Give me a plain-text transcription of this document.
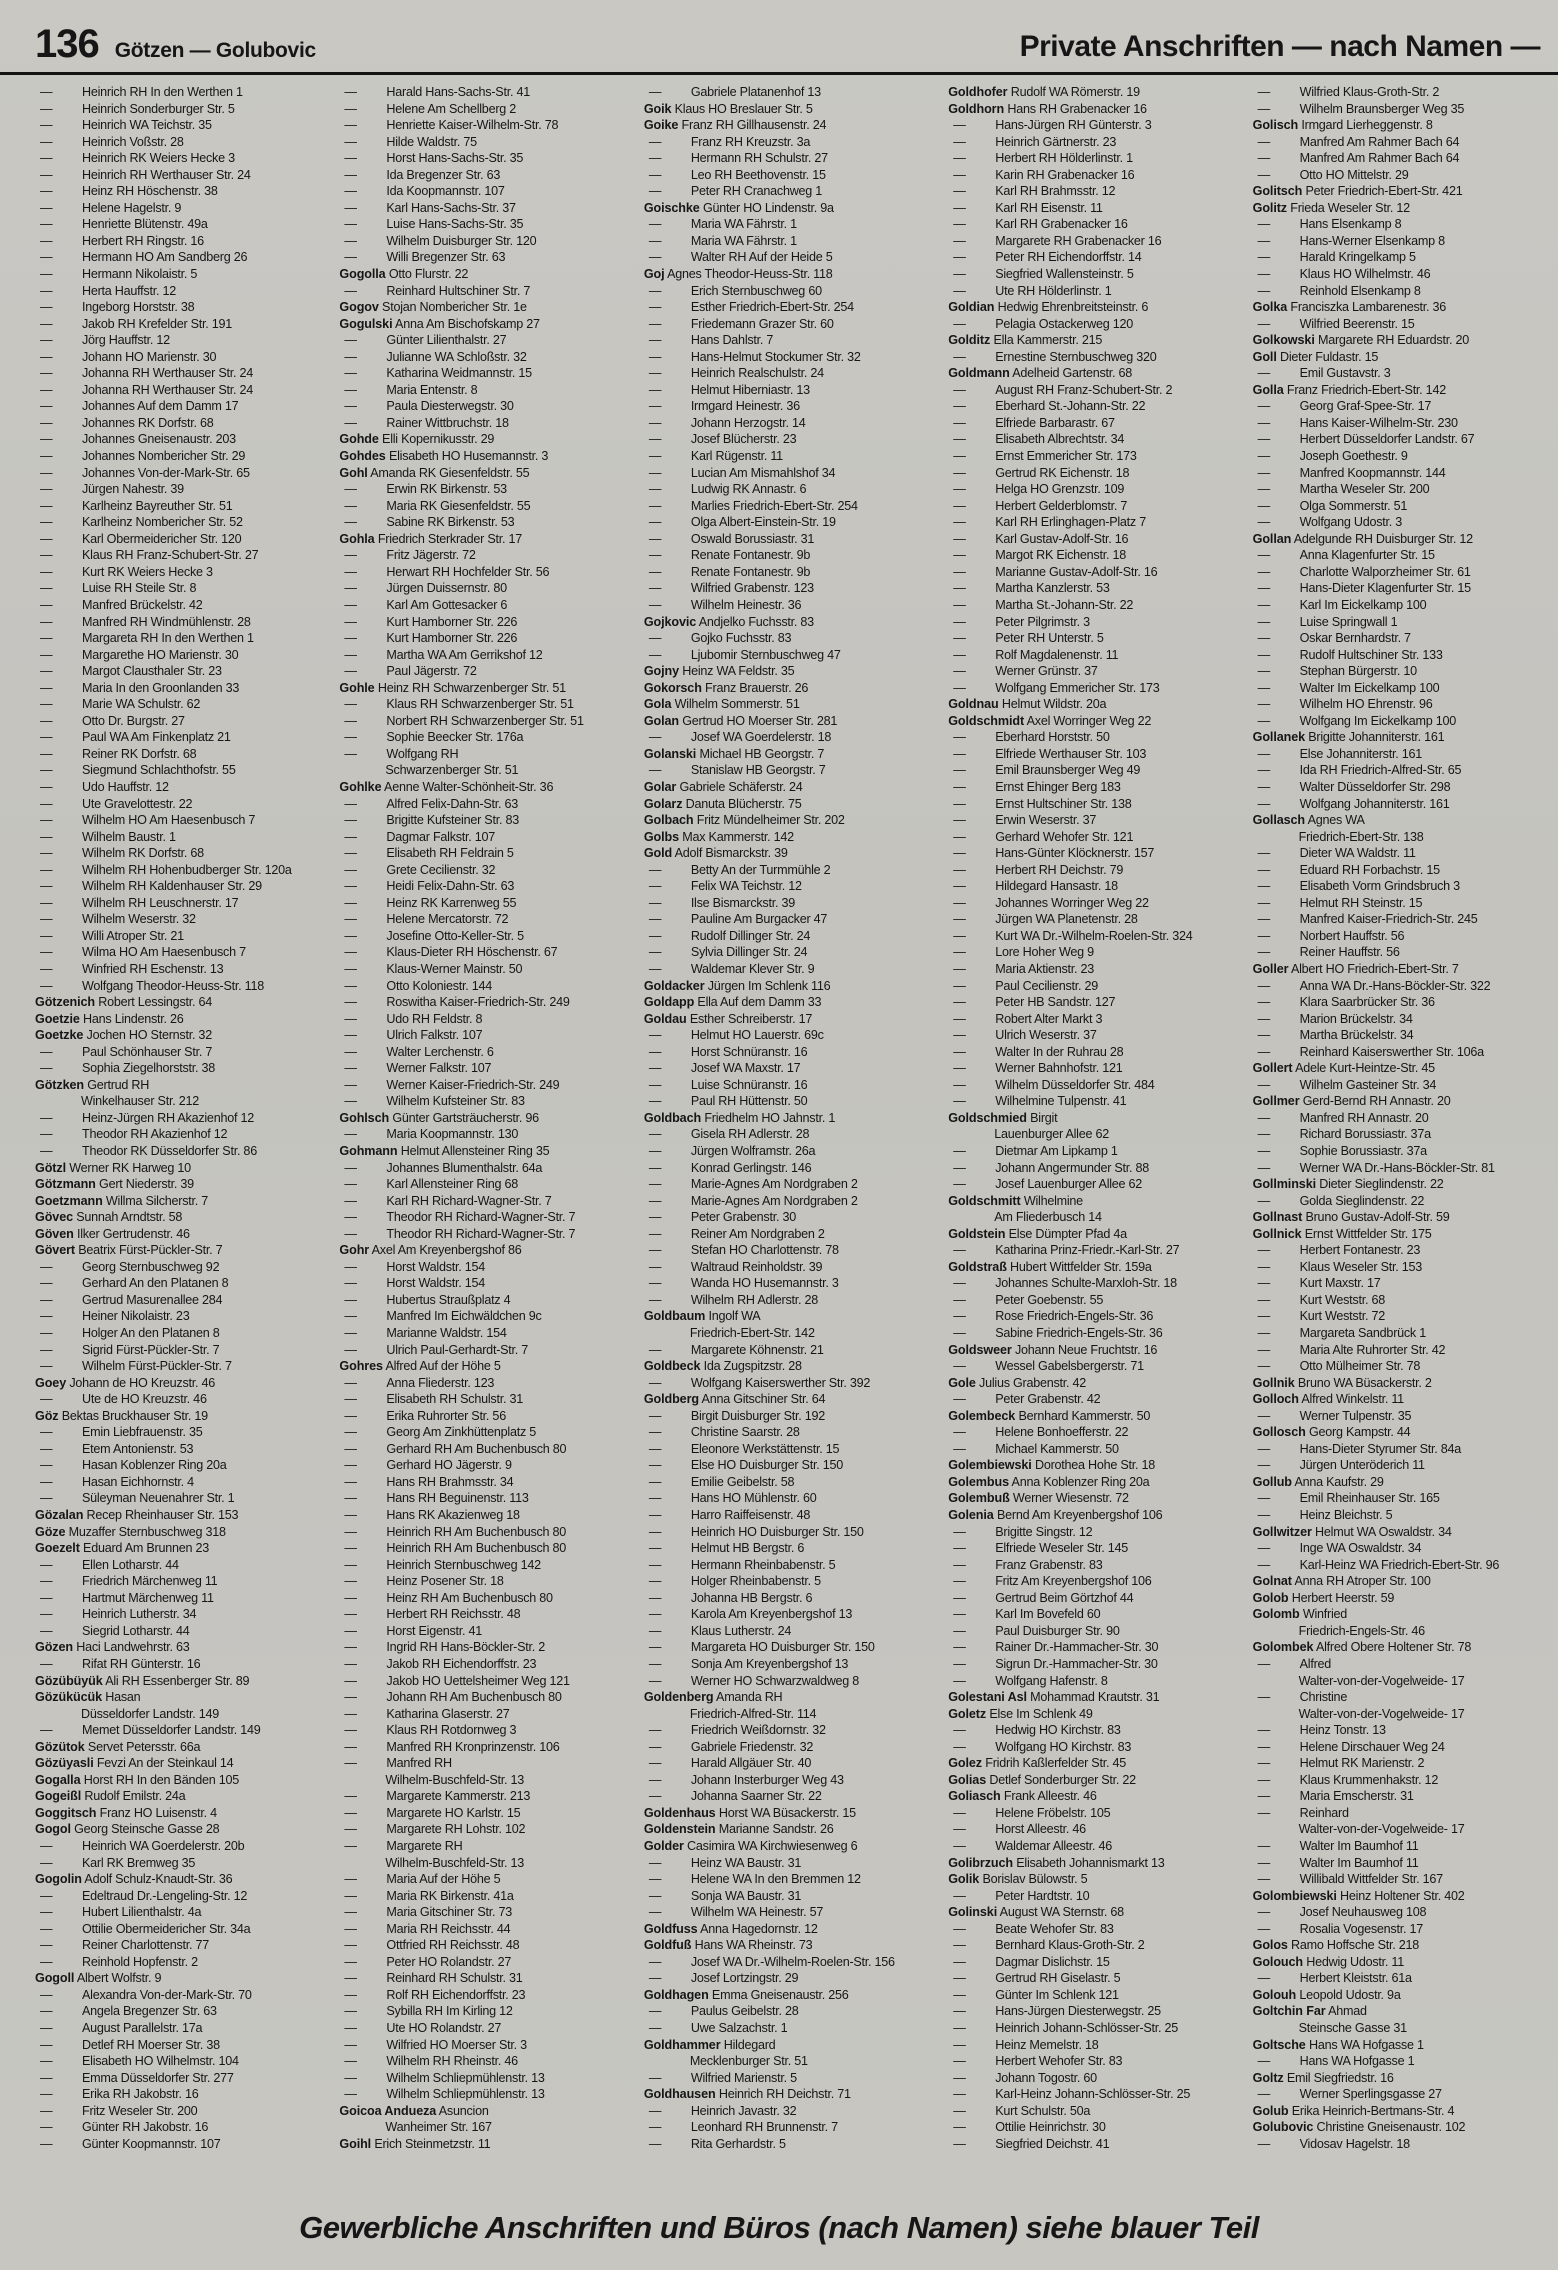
136 Götzen — Golubovic	Private Anschriften — nach Namen —
— Heinrich RH In den Werthen 1
— Heinrich Sonderburger Str. 5
— Heinrich WA Teichstr. 35
— Heinrich Voßstr. 28
— Heinrich RK Weiers Hecke 3
— Heinrich RH Werthauser Str. 24
— Heinz RH Höschenstr. 38
— Helene Hagelstr. 9
— Henriette Blütenstr. 49a
— Herbert RH Ringstr. 16
— Hermann HO Am Sandberg 26
— Hermann Nikolaistr. 5
— Herta Hauffstr. 12
— Ingeborg Horststr. 38
— Jakob RH Krefelder Str. 191
— Jörg Hauffstr. 12
— Johann HO Marienstr. 30
— Johanna RH Werthauser Str. 24
— Johanna RH Werthauser Str. 24
— Johannes Auf dem Damm 17
— Johannes RK Dorfstr. 68
— Johannes Gneisenaustr. 203
— Johannes Nombericher Str. 29
— Johannes Von-der-Mark-Str. 65
— Jürgen Nahestr. 39
— Karlheinz Bayreuther Str. 51
— Karlheinz Nombericher Str. 52
— Karl Obermeidericher Str. 120
— Klaus RH Franz-Schubert-Str. 27
— Kurt RK Weiers Hecke 3
— Luise RH Steile Str. 8
— Manfred Brückelstr. 42
— Manfred RH Windmühlenstr. 28
— Margareta RH In den Werthen 1
— Margarethe HO Marienstr. 30
— Margot Clausthaler Str. 23
— Maria In den Groonlanden 33
— Marie WA Schulstr. 62
— Otto Dr. Burgstr. 27
— Paul WA Am Finkenplatz 21
— Reiner RK Dorfstr. 68
— Siegmund Schlachthofstr. 55
— Udo Hauffstr. 12
— Ute Gravelottestr. 22
— Wilhelm HO Am Haesenbusch 7
— Wilhelm Baustr. 1
— Wilhelm RK Dorfstr. 68
— Wilhelm RH Hohenbudberger Str. 120a
— Wilhelm RH Kaldenhauser Str. 29
— Wilhelm RH Leuschnerstr. 17
— Wilhelm Weserstr. 32
— Willi Atroper Str. 21
— Wilma HO Am Haesenbusch 7
— Winfried RH Eschenstr. 13
— Wolfgang Theodor-Heuss-Str. 118
Götzenich Robert Lessingstr. 64
Goetzie Hans Lindenstr. 26
Goetzke Jochen HO Sternstr. 32
— Paul Schönhauser Str. 7
— Sophia Ziegelhorststr. 38
Götzken Gertrud RH
Winkelhauser Str. 212
— Heinz-Jürgen RH Akazienhof 12
— Theodor RH Akazienhof 12
— Theodor RK Düsseldorfer Str. 86
Götzl Werner RK Harweg 10
Götzmann Gert Niederstr. 39
Goetzmann Willma Silcherstr. 7
Gövec Sunnah Arndtstr. 58
Göven Ilker Gertrudenstr. 46
Gövert Beatrix Fürst-Pückler-Str. 7
— Georg Sternbuschweg 92
— Gerhard An den Platanen 8
— Gertrud Masurenallee 284
— Heiner Nikolaistr. 23
— Holger An den Platanen 8
— Sigrid Fürst-Pückler-Str. 7
— Wilhelm Fürst-Pückler-Str. 7
Goey Johann de HO Kreuzstr. 46
— Ute de HO Kreuzstr. 46
Göz Bektas Bruckhauser Str. 19
— Emin Liebfrauenstr. 35
— Etem Antonienstr. 53
— Hasan Koblenzer Ring 20a
— Hasan Eichhornstr. 4
— Süleyman Neuenahrer Str. 1
Gözalan Recep Rheinhauser Str. 153
Göze Muzaffer Sternbuschweg 318
Goezelt Eduard Am Brunnen 23
— Ellen Lotharstr. 44
— Friedrich Märchenweg 11
— Hartmut Märchenweg 11
— Heinrich Lutherstr. 34
— Siegrid Lotharstr. 44
Gözen Haci Landwehrstr. 63
— Rifat RH Günterstr. 16
Gözübüyük Ali RH Essenberger Str. 89
Gözükücük Hasan
Düsseldorfer Landstr. 149
— Memet Düsseldorfer Landstr. 149
Gözütok Servet Petersstr. 66a
Gözüyasli Fevzi An der Steinkaul 14
Gogalla Horst RH In den Bänden 105
Gogeißl Rudolf Emilstr. 24a
Goggitsch Franz HO Luisenstr. 4
Gogol Georg Steinsche Gasse 28
— Heinrich WA Goerdelerstr. 20b
— Karl RK Bremweg 35
Gogolin Adolf Schulz-Knaudt-Str. 36
— Edeltraud Dr.-Lengeling-Str. 12
— Hubert Lilienthalstr. 4a
— Ottilie Obermeidericher Str. 34a
— Reiner Charlottenstr. 77
— Reinhold Hopfenstr. 2
Gogoll Albert Wolfstr. 9
— Alexandra Von-der-Mark-Str. 70
— Angela Bregenzer Str. 63
— August Parallelstr. 17a
— Detlef RH Moerser Str. 38
— Elisabeth HO Wilhelmstr. 104
— Emma Düsseldorfer Str. 277
— Erika RH Jakobstr. 16
— Fritz Weseler Str. 200
— Günter RH Jakobstr. 16
— Günter Koopmannstr. 107
— Harald Hans-Sachs-Str. 41
— Helene Am Schellberg 2
— Henriette Kaiser-Wilhelm-Str. 78
— Hilde Waldstr. 75
— Horst Hans-Sachs-Str. 35
— Ida Bregenzer Str. 63
— Ida Koopmannstr. 107
— Karl Hans-Sachs-Str. 37
— Luise Hans-Sachs-Str. 35
— Wilhelm Duisburger Str. 120
— Willi Bregenzer Str. 63
Gogolla Otto Flurstr. 22
— Reinhard Hultschiner Str. 7
Gogov Stojan Nombericher Str. 1e
Gogulski Anna Am Bischofskamp 27
— Günter Lilienthalstr. 27
— Julianne WA Schloßstr. 32
— Katharina Weidmannstr. 15
— Maria Entenstr. 8
— Paula Diesterwegstr. 30
— Rainer Wittbruchstr. 18
Gohde Elli Kopernikusstr. 29
Gohdes Elisabeth HO Husemannstr. 3
Gohl Amanda RK Giesenfeldstr. 55
— Erwin RK Birkenstr. 53
— Maria RK Giesenfeldstr. 55
— Sabine RK Birkenstr. 53
Gohla Friedrich Sterkrader Str. 17
— Fritz Jägerstr. 72
— Herwart RH Hochfelder Str. 56
— Jürgen Duissernstr. 80
— Karl Am Gottesacker 6
— Kurt Hamborner Str. 226
— Kurt Hamborner Str. 226
— Martha WA Am Gerrikshof 12
— Paul Jägerstr. 72
Gohle Heinz RH Schwarzenberger Str. 51
— Klaus RH Schwarzenberger Str. 51
— Norbert RH Schwarzenberger Str. 51
— Sophie Beecker Str. 176a
— Wolfgang RH
Schwarzenberger Str. 51
Gohlke Aenne Walter-Schönheit-Str. 36
— Alfred Felix-Dahn-Str. 63
— Brigitte Kufsteiner Str. 83
— Dagmar Falkstr. 107
— Elisabeth RH Feldrain 5
— Grete Cecilienstr. 32
— Heidi Felix-Dahn-Str. 63
— Heinz RK Karrenweg 55
— Helene Mercatorstr. 72
— Josefine Otto-Keller-Str. 5
— Klaus-Dieter RH Höschenstr. 67
— Klaus-Werner Mainstr. 50
— Otto Koloniestr. 144
— Roswitha Kaiser-Friedrich-Str. 249
— Udo RH Feldstr. 8
— Ulrich Falkstr. 107
— Walter Lerchenstr. 6
— Werner Falkstr. 107
— Werner Kaiser-Friedrich-Str. 249
— Wilhelm Kufsteiner Str. 83
Gohlsch Günter Gartsträucherstr. 96
— Maria Koopmannstr. 130
Gohmann Helmut Allensteiner Ring 35
— Johannes Blumenthalstr. 64a
— Karl Allensteiner Ring 68
— Karl RH Richard-Wagner-Str. 7
— Theodor RH Richard-Wagner-Str. 7
— Theodor RH Richard-Wagner-Str. 7
Gohr Axel Am Kreyenbergshof 86
— Horst Waldstr. 154
— Horst Waldstr. 154
— Hubertus Straußplatz 4
— Manfred Im Eichwäldchen 9c
— Marianne Waldstr. 154
— Ulrich Paul-Gerhardt-Str. 7
Gohres Alfred Auf der Höhe 5
— Anna Fliederstr. 123
— Elisabeth RH Schulstr. 31
— Erika Ruhrorter Str. 56
— Georg Am Zinkhüttenplatz 5
— Gerhard RH Am Buchenbusch 80
— Gerhard HO Jägerstr. 9
— Hans RH Brahmsstr. 34
— Hans RH Beguinenstr. 113
— Hans RK Akazienweg 18
— Heinrich RH Am Buchenbusch 80
— Heinrich RH Am Buchenbusch 80
— Heinrich Sternbuschweg 142
— Heinz Posener Str. 18
— Heinz RH Am Buchenbusch 80
— Herbert RH Reichsstr. 48
— Horst Eigenstr. 41
— Ingrid RH Hans-Böckler-Str. 2
— Jakob RH Eichendorffstr. 23
— Jakob HO Uettelsheimer Weg 121
— Johann RH Am Buchenbusch 80
— Katharina Glaserstr. 27
— Klaus RH Rotdornweg 3
— Manfred RH Kronprinzenstr. 106
— Manfred RH
Wilhelm-Buschfeld-Str. 13
— Margarete Kammerstr. 213
— Margarete HO Karlstr. 15
— Margarete RH Lohstr. 102
— Margarete RH
Wilhelm-Buschfeld-Str. 13
— Maria Auf der Höhe 5
— Maria RK Birkenstr. 41a
— Maria Gitschiner Str. 73
— Maria RH Reichsstr. 44
— Ottfried RH Reichsstr. 48
— Peter HO Rolandstr. 27
— Reinhard RH Schulstr. 31
— Rolf RH Eichendorffstr. 23
— Sybilla RH Im Kirling 12
— Ute HO Rolandstr. 27
— Wilfried HO Moerser Str. 3
— Wilhelm RH Rheinstr. 46
— Wilhelm Schliepmühlenstr. 13
— Wilhelm Schliepmühlenstr. 13
Goicoa Andueza Asuncion
Wanheimer Str. 167
Goihl Erich Steinmetzstr. 11
— Gabriele Platanenhof 13
Goik Klaus HO Breslauer Str. 5
Goike Franz RH Gillhausenstr. 24
— Franz RH Kreuzstr. 3a
— Hermann RH Schulstr. 27
— Leo RH Beethovenstr. 15
— Peter RH Cranachweg 1
Goischke Günter HO Lindenstr. 9a
— Maria WA Fährstr. 1
— Maria WA Fährstr. 1
— Walter RH Auf der Heide 5
Goj Agnes Theodor-Heuss-Str. 118
— Erich Sternbuschweg 60
— Esther Friedrich-Ebert-Str. 254
— Friedemann Grazer Str. 60
— Hans Dahlstr. 7
— Hans-Helmut Stockumer Str. 32
— Heinrich Realschulstr. 24
— Helmut Hiberniastr. 13
— Irmgard Heinestr. 36
— Johann Herzogstr. 14
— Josef Blücherstr. 23
— Karl Rügenstr. 11
— Lucian Am Mismahlshof 34
— Ludwig RK Annastr. 6
— Marlies Friedrich-Ebert-Str. 254
— Olga Albert-Einstein-Str. 19
— Oswald Borussiastr. 31
— Renate Fontanestr. 9b
— Renate Fontanestr. 9b
— Wilfried Grabenstr. 123
— Wilhelm Heinestr. 36
Gojkovic Andjelko Fuchsstr. 83
— Gojko Fuchsstr. 83
— Ljubomir Sternbuschweg 47
Gojny Heinz WA Feldstr. 35
Gokorsch Franz Brauerstr. 26
Gola Wilhelm Sommerstr. 51
Golan Gertrud HO Moerser Str. 281
— Josef WA Goerdelerstr. 18
Golanski Michael HB Georgstr. 7
— Stanislaw HB Georgstr. 7
Golar Gabriele Schäferstr. 24
Golarz Danuta Blücherstr. 75
Golbach Fritz Mündelheimer Str. 202
Golbs Max Kammerstr. 142
Gold Adolf Bismarckstr. 39
— Betty An der Turmmühle 2
— Felix WA Teichstr. 12
— Ilse Bismarckstr. 39
— Pauline Am Burgacker 47
— Rudolf Dillinger Str. 24
— Sylvia Dillinger Str. 24
— Waldemar Klever Str. 9
Goldacker Jürgen Im Schlenk 116
Goldapp Ella Auf dem Damm 33
Goldau Esther Schreiberstr. 17
— Helmut HO Lauerstr. 69c
— Horst Schnüranstr. 16
— Josef WA Maxstr. 17
— Luise Schnüranstr. 16
— Paul RH Hüttenstr. 50
Goldbach Friedhelm HO Jahnstr. 1
— Gisela RH Adlerstr. 28
— Jürgen Wolframstr. 26a
— Konrad Gerlingstr. 146
— Marie-Agnes Am Nordgraben 2
— Marie-Agnes Am Nordgraben 2
— Peter Grabenstr. 30
— Reiner Am Nordgraben 2
— Stefan HO Charlottenstr. 78
— Waltraud Reinholdstr. 39
— Wanda HO Husemannstr. 3
— Wilhelm RH Adlerstr. 28
Goldbaum Ingolf WA
Friedrich-Ebert-Str. 142
— Margarete Köhnenstr. 21
Goldbeck Ida Zugspitzstr. 28
— Wolfgang Kaiserswerther Str. 392
Goldberg Anna Gitschiner Str. 64
— Birgit Duisburger Str. 192
— Christine Saarstr. 28
— Eleonore Werkstättenstr. 15
— Else HO Duisburger Str. 150
— Emilie Geibelstr. 58
— Hans HO Mühlenstr. 60
— Harro Raiffeisenstr. 48
— Heinrich HO Duisburger Str. 150
— Helmut HB Bergstr. 6
— Hermann Rheinbabenstr. 5
— Holger Rheinbabenstr. 5
— Johanna HB Bergstr. 6
— Karola Am Kreyenbergshof 13
— Klaus Lutherstr. 24
— Margareta HO Duisburger Str. 150
— Sonja Am Kreyenbergshof 13
— Werner HO Schwarzwaldweg 8
Goldenberg Amanda RH
Friedrich-Alfred-Str. 114
— Friedrich Weißdornstr. 32
— Gabriele Friedenstr. 32
— Harald Allgäuer Str. 40
— Johann Insterburger Weg 43
— Johanna Saarner Str. 22
Goldenhaus Horst WA Büsackerstr. 15
Goldenstein Marianne Sandstr. 26
Golder Casimira WA Kirchwiesenweg 6
— Heinz WA Baustr. 31
— Helene WA In den Bremmen 12
— Sonja WA Baustr. 31
— Wilhelm WA Heinestr. 57
Goldfuss Anna Hagedornstr. 12
Goldfuß Hans WA Rheinstr. 73
— Josef WA Dr.-Wilhelm-Roelen-Str. 156
— Josef Lortzingstr. 29
Goldhagen Emma Gneisenaustr. 256
— Paulus Geibelstr. 28
— Uwe Salzachstr. 1
Goldhammer Hildegard
Mecklenburger Str. 51
— Wilfried Marienstr. 5
Goldhausen Heinrich RH Deichstr. 71
— Heinrich Javastr. 32
— Leonhard RH Brunnenstr. 7
— Rita Gerhardstr. 5
Goldhofer Rudolf WA Römerstr. 19
Goldhorn Hans RH Grabenacker 16
— Hans-Jürgen RH Günterstr. 3
— Heinrich Gärtnerstr. 23
— Herbert RH Hölderlinstr. 1
— Karin RH Grabenacker 16
— Karl RH Brahmsstr. 12
— Karl RH Eisenstr. 11
— Karl RH Grabenacker 16
— Margarete RH Grabenacker 16
— Peter RH Eichendorffstr. 14
— Siegfried Wallensteinstr. 5
— Ute RH Hölderlinstr. 1
Goldian Hedwig Ehrenbreitsteinstr. 6
— Pelagia Ostackerweg 120
Golditz Ella Kammerstr. 215
— Ernestine Sternbuschweg 320
Goldmann Adelheid Gartenstr. 68
— August RH Franz-Schubert-Str. 2
— Eberhard St.-Johann-Str. 22
— Elfriede Barbarastr. 67
— Elisabeth Albrechtstr. 34
— Ernst Emmericher Str. 173
— Gertrud RK Eichenstr. 18
— Helga HO Grenzstr. 109
— Herbert Gelderblomstr. 7
— Karl RH Erlinghagen-Platz 7
— Karl Gustav-Adolf-Str. 16
— Margot RK Eichenstr. 18
— Marianne Gustav-Adolf-Str. 16
— Martha Kanzlerstr. 53
— Martha St.-Johann-Str. 22
— Peter Pilgrimstr. 3
— Peter RH Unterstr. 5
— Rolf Magdalenenstr. 11
— Werner Grünstr. 37
— Wolfgang Emmericher Str. 173
Goldnau Helmut Wildstr. 20a
Goldschmidt Axel Worringer Weg 22
— Eberhard Horststr. 50
— Elfriede Werthauser Str. 103
— Emil Braunsberger Weg 49
— Ernst Ehinger Berg 183
— Ernst Hultschiner Str. 138
— Erwin Weserstr. 37
— Gerhard Wehofer Str. 121
— Hans-Günter Klöcknerstr. 157
— Herbert RH Deichstr. 79
— Hildegard Hansastr. 18
— Johannes Worringer Weg 22
— Jürgen WA Planetenstr. 28
— Kurt WA Dr.-Wilhelm-Roelen-Str. 324
— Lore Hoher Weg 9
— Maria Aktienstr. 23
— Paul Cecilienstr. 29
— Peter HB Sandstr. 127
— Robert Alter Markt 3
— Ulrich Weserstr. 37
— Walter In der Ruhrau 28
— Werner Bahnhofstr. 121
— Wilhelm Düsseldorfer Str. 484
— Wilhelmine Tulpenstr. 41
Goldschmied Birgit
Lauenburger Allee 62
— Dietmar Am Lipkamp 1
— Johann Angermunder Str. 88
— Josef Lauenburger Allee 62
Goldschmitt Wilhelmine
Am Fliederbusch 14
Goldstein Else Dümpter Pfad 4a
— Katharina Prinz-Friedr.-Karl-Str. 27
Goldstraß Hubert Wittfelder Str. 159a
— Johannes Schulte-Marxloh-Str. 18
— Peter Goebenstr. 55
— Rose Friedrich-Engels-Str. 36
— Sabine Friedrich-Engels-Str. 36
Goldsweer Johann Neue Fruchtstr. 16
— Wessel Gabelsbergerstr. 71
Gole Julius Grabenstr. 42
— Peter Grabenstr. 42
Golembeck Bernhard Kammerstr. 50
— Helene Bonhoefferstr. 22
— Michael Kammerstr. 50
Golembiewski Dorothea Hohe Str. 18
Golembus Anna Koblenzer Ring 20a
Golembuß Werner Wiesenstr. 72
Golenia Bernd Am Kreyenbergshof 106
— Brigitte Singstr. 12
— Elfriede Weseler Str. 145
— Franz Grabenstr. 83
— Fritz Am Kreyenbergshof 106
— Gertrud Beim Görtzhof 44
— Karl Im Bovefeld 60
— Paul Duisburger Str. 90
— Rainer Dr.-Hammacher-Str. 30
— Sigrun Dr.-Hammacher-Str. 30
— Wolfgang Hafenstr. 8
Golestani Asl Mohammad Krautstr. 31
Goletz Else Im Schlenk 49
— Hedwig HO Kirchstr. 83
— Wolfgang HO Kirchstr. 83
Golez Fridrih Kaßlerfelder Str. 45
Golias Detlef Sonderburger Str. 22
Goliasch Frank Alleestr. 46
— Helene Fröbelstr. 105
— Horst Alleestr. 46
— Waldemar Alleestr. 46
Golibrzuch Elisabeth Johannismarkt 13
Golik Borislav Bülowstr. 5
— Peter Hardtstr. 10
Golinski August WA Sternstr. 68
— Beate Wehofer Str. 83
— Bernhard Klaus-Groth-Str. 2
— Dagmar Dislichstr. 15
— Gertrud RH Giselastr. 5
— Günter Im Schlenk 121
— Hans-Jürgen Diesterwegstr. 25
— Heinrich Johann-Schlösser-Str. 25
— Heinz Memelstr. 18
— Herbert Wehofer Str. 83
— Johann Togostr. 60
— Karl-Heinz Johann-Schlösser-Str. 25
— Kurt Schulstr. 50a
— Ottilie Heinrichstr. 30
— Siegfried Deichstr. 41
— Wilfried Klaus-Groth-Str. 2
— Wilhelm Braunsberger Weg 35
Golisch Irmgard Lierheggenstr. 8
— Manfred Am Rahmer Bach 64
— Manfred Am Rahmer Bach 64
— Otto HO Mittelstr. 29
Golitsch Peter Friedrich-Ebert-Str. 421
Golitz Frieda Weseler Str. 12
— Hans Elsenkamp 8
— Hans-Werner Elsenkamp 8
— Harald Kringelkamp 5
— Klaus HO Wilhelmstr. 46
— Reinhold Elsenkamp 8
Golka Franciszka Lambarenestr. 36
— Wilfried Beerenstr. 15
Golkowski Margarete RH Eduardstr. 20
Goll Dieter Fuldastr. 15
— Emil Gustavstr. 3
Golla Franz Friedrich-Ebert-Str. 142
— Georg Graf-Spee-Str. 17
— Hans Kaiser-Wilhelm-Str. 230
— Herbert Düsseldorfer Landstr. 67
— Joseph Goethestr. 9
— Manfred Koopmannstr. 144
— Martha Weseler Str. 200
— Olga Sommerstr. 51
— Wolfgang Udostr. 3
Gollan Adelgunde RH Duisburger Str. 12
— Anna Klagenfurter Str. 15
— Charlotte Walporzheimer Str. 61
— Hans-Dieter Klagenfurter Str. 15
— Karl Im Eickelkamp 100
— Luise Springwall 1
— Oskar Bernhardstr. 7
— Rudolf Hultschiner Str. 133
— Stephan Bürgerstr. 10
— Walter Im Eickelkamp 100
— Wilhelm HO Ehrenstr. 96
— Wolfgang Im Eickelkamp 100
Gollanek Brigitte Johanniterstr. 161
— Else Johanniterstr. 161
— Ida RH Friedrich-Alfred-Str. 65
— Walter Düsseldorfer Str. 298
— Wolfgang Johanniterstr. 161
Gollasch Agnes WA
Friedrich-Ebert-Str. 138
— Dieter WA Waldstr. 11
— Eduard RH Forbachstr. 15
— Elisabeth Vorm Grindsbruch 3
— Helmut RH Steinstr. 15
— Manfred Kaiser-Friedrich-Str. 245
— Norbert Hauffstr. 56
— Reiner Hauffstr. 56
Goller Albert HO Friedrich-Ebert-Str. 7
— Anna WA Dr.-Hans-Böckler-Str. 322
— Klara Saarbrücker Str. 36
— Marion Brückelstr. 34
— Martha Brückelstr. 34
— Reinhard Kaiserswerther Str. 106a
Gollert Adele Kurt-Heintze-Str. 45
— Wilhelm Gasteiner Str. 34
Gollmer Gerd-Bernd RH Annastr. 20
— Manfred RH Annastr. 20
— Richard Borussiastr. 37a
— Sophie Borussiastr. 37a
— Werner WA Dr.-Hans-Böckler-Str. 81
Gollminski Dieter Sieglindenstr. 22
— Golda Sieglindenstr. 22
Gollnast Bruno Gustav-Adolf-Str. 59
Gollnick Ernst Wittfelder Str. 175
— Herbert Fontanestr. 23
— Klaus Weseler Str. 153
— Kurt Maxstr. 17
— Kurt Weststr. 68
— Kurt Weststr. 72
— Margareta Sandbrück 1
— Maria Alte Ruhrorter Str. 42
— Otto Mülheimer Str. 78
Gollnik Bruno WA Büsackerstr. 2
Golloch Alfred Winkelstr. 11
— Werner Tulpenstr. 35
Gollosch Georg Kampstr. 44
— Hans-Dieter Styrumer Str. 84a
— Jürgen Unteröderich 11
Gollub Anna Kaufstr. 29
— Emil Rheinhauser Str. 165
— Heinz Bleichstr. 5
Gollwitzer Helmut WA Oswaldstr. 34
— Inge WA Oswaldstr. 34
— Karl-Heinz WA Friedrich-Ebert-Str. 96
Golnat Anna RH Atroper Str. 100
Golob Herbert Heerstr. 59
Golomb Winfried
Friedrich-Engels-Str. 46
Golombek Alfred Obere Holtener Str. 78
— Alfred
Walter-von-der-Vogelweide- 17
— Christine
Walter-von-der-Vogelweide- 17
— Heinz Tonstr. 13
— Helene Dirschauer Weg 24
— Helmut RK Marienstr. 2
— Klaus Krummenhakstr. 12
— Maria Emscherstr. 31
— Reinhard
Walter-von-der-Vogelweide- 17
— Walter Im Baumhof 11
— Walter Im Baumhof 11
— Willibald Wittfelder Str. 167
Golombiewski Heinz Holtener Str. 402
— Josef Neuhausweg 108
— Rosalia Vogesenstr. 17
Golos Ramo Hoffsche Str. 218
Golouch Hedwig Udostr. 11
— Herbert Kleiststr. 61a
Golouh Leopold Udostr. 9a
Goltchin Far Ahmad
Steinsche Gasse 31
Goltsche Hans WA Hofgasse 1
— Hans WA Hofgasse 1
Goltz Emil Siegfriedstr. 16
— Werner Sperlingsgasse 27
Golub Erika Heinrich-Bertmans-Str. 4
Golubovic Christine Gneisenaustr. 102
— Vidosav Hagelstr. 18
Gewerbliche Anschriften und Büros (nach Namen) siehe blauer Teil
